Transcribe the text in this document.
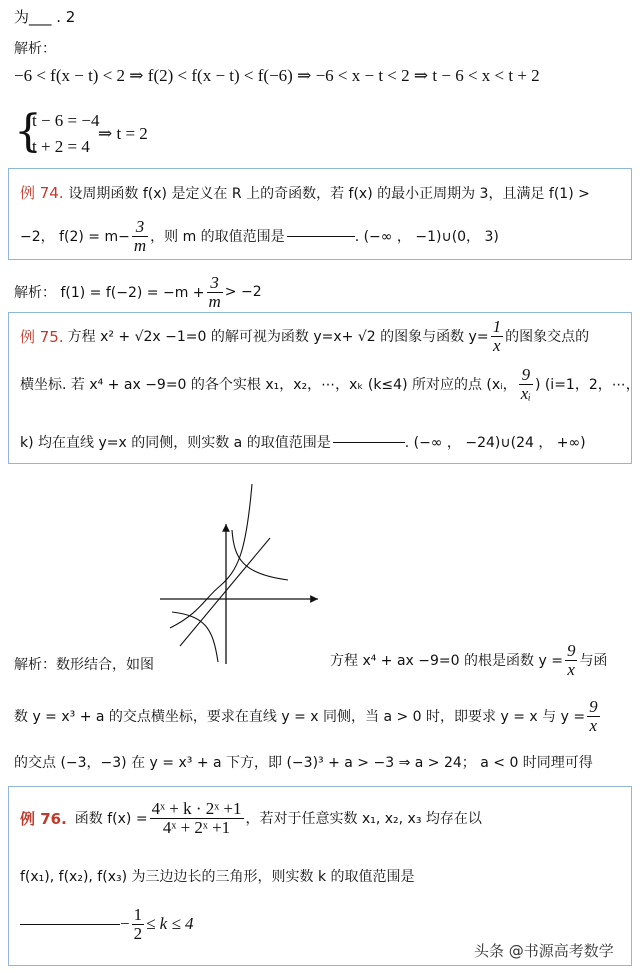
为___ . 2
解析：
−6 < f(x − t) < 2 ⇒ f(2) < f(x − t) < f(−6) ⇒ −6 < x − t < 2 ⇒ t − 6 < x < t + 2
{
t − 6 = −4
t + 2 = 4
⇒ t = 2
例 74. 设周期函数 f(x) 是定义在 R 上的奇函数，若 f(x) 的最小正周期为 3，且满足 f(1) >
−2， $f(2) = m- \frac{3}{m}$ ，则 m 的取值范围是	. (−∞ ， −1)∪(0， 3)
解析： $f(1) = f(-2) = -m + \frac{3}{m} > -2$
例 75. 方程 x² + √2x −1=0 的解可视为函数 y=x+ √2 的图象与函数 $y= \frac{1}{x}$ 的图象交点的
横坐标. 若 x⁴ + ax −9=0 的各个实根 x₁，x₂，⋯，xₖ (k≤4) 所对应的点 (xᵢ， $\frac{9}{\text{xᵢ}}$ ) (i=1，2，⋯，
k) 均在直线 y=x 的同侧，则实数 a 的取值范围是	. (−∞ ， −24)∪(24 ， +∞)
解析：数形结合，如图	方程 x⁴ + ax −9=0 的根是函数 $y = \frac{9}{x}$ 与函
数 y = x³ + a 的交点横坐标，要求在直线 y = x 同侧，当 a > 0 时，即要求 y = x 与 $y = \frac{9}{x}$
的交点 (−3，−3) 在 y = x³ + a 下方，即 (−3)³ + a > −3 ⇒ a > 24； a < 0 时同理可得
例 76. 函数 $f(x) = \frac{\text{4ˣ + k · 2ˣ +1}}{\text{4ˣ + 2ˣ +1}}$ ，若对于任意实数 x₁, x₂, x₃ 均存在以
f(x₁), f(x₂), f(x₃) 为三边边长的三角形，则实数 k 的取值范围是
− $\frac{1}{2} \le k \le 4$
头条 @书源高考数学
